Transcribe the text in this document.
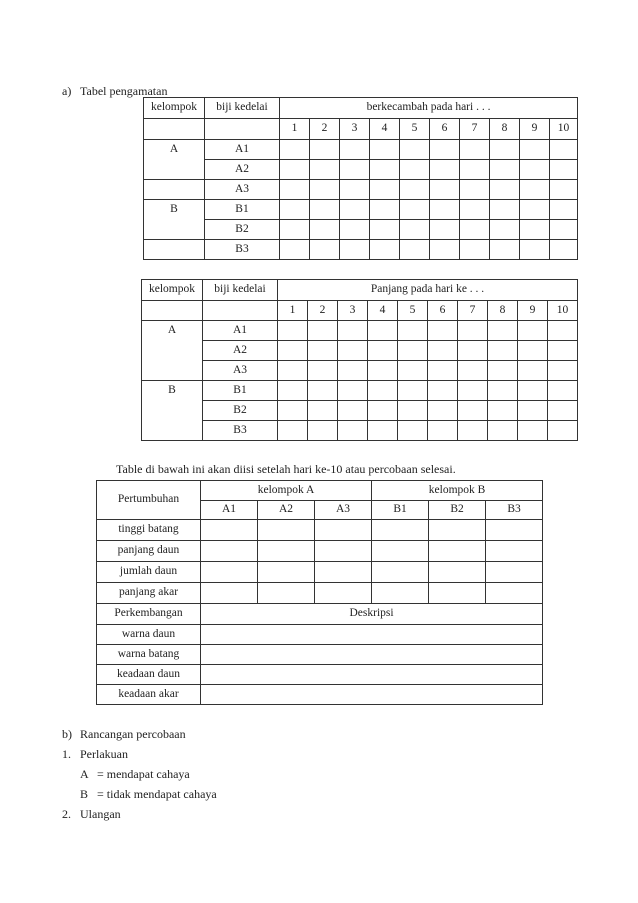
a) Tabel pengamatan
kelompok	biji kedelai	berkecambah pada hari . . .									
		1	2	3	4	5	6	7	8	9	10
A	A1										
	A2										
	A3										
B	B1										
	B2										
	B3										
kelompok	biji kedelai	Panjang pada hari ke . . .									
		1	2	3	4	5	6	7	8	9	10
A	A1										
	A2										
	A3										
B	B1										
	B2										
	B3										
Table di bawah ini akan diisi setelah hari ke-10 atau percobaan selesai.
Pertumbuhan	kelompok A			kelompok B		
	A1	A2	A3	B1	B2	B3
tinggi batang						
panjang daun						
jumlah daun						
panjang akar						
Perkembangan	Deskripsi					
warna daun						
warna batang						
keadaan daun						
keadaan akar						
b) Rancangan percobaan
1. Perlakuan
A   = mendapat cahaya
B   = tidak mendapat cahaya
2. Ulangan
